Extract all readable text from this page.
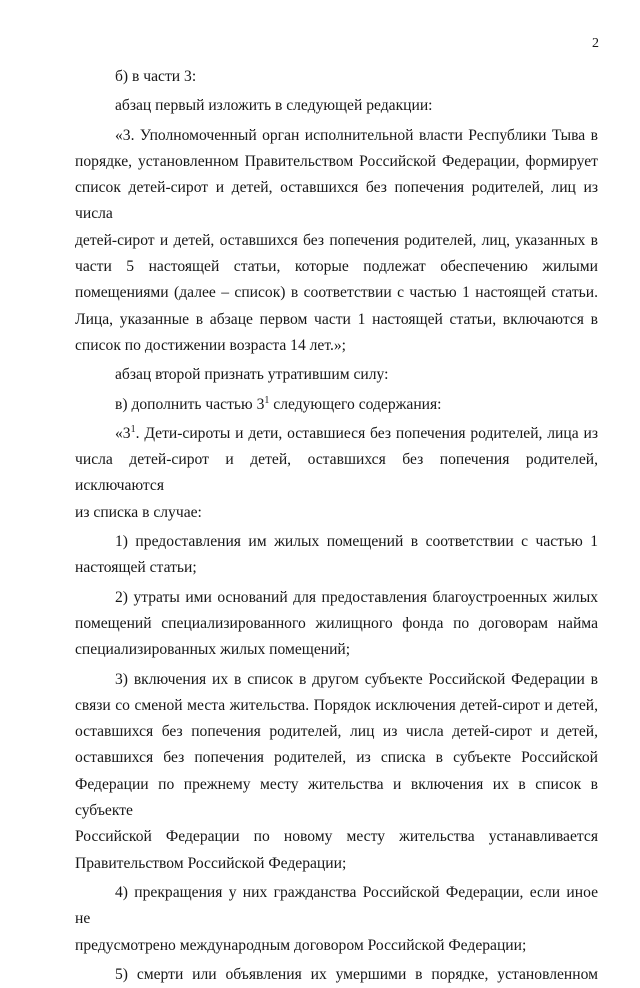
2

б) в части 3:

абзац первый изложить в следующей редакции:

«3. Уполномоченный орган исполнительной власти Республики Тыва в

порядке, установленном Правительством Российской Федерации, формирует

список детей-сирот и детей, оставшихся без попечения родителей, лиц из числа

детей-сирот и детей, оставшихся без попечения родителей, лиц, указанных в

части 5 настоящей статьи, которые подлежат обеспечению жилыми

помещениями (далее – список) в соответствии с частью 1 настоящей статьи.

Лица, указанные в абзаце первом части 1 настоящей статьи, включаются в

список по достижении возраста 14 лет.»;

абзац второй признать утратившим силу:

в) дополнить частью $3^1$ следующего содержания:

«$3^1$. Дети-сироты и дети, оставшиеся без попечения родителей, лица из

числа детей-сирот и детей, оставшихся без попечения родителей, исключаются

из списка в случае:

1) предоставления им жилых помещений в соответствии с частью 1

настоящей статьи;

2) утраты ими оснований для предоставления благоустроенных жилых

помещений специализированного жилищного фонда по договорам найма

специализированных жилых помещений;

3) включения их в список в другом субъекте Российской Федерации в

связи со сменой места жительства. Порядок исключения детей-сирот и детей,

оставшихся без попечения родителей, лиц из числа детей-сирот и детей,

оставшихся без попечения родителей, из списка в субъекте Российской

Федерации по прежнему месту жительства и включения их в список в субъекте

Российской Федерации по новому месту жительства устанавливается

Правительством Российской Федерации;

4) прекращения у них гражданства Российской Федерации, если иное не

предусмотрено международным договором Российской Федерации;

5) смерти или объявления их умершими в порядке, установленном
